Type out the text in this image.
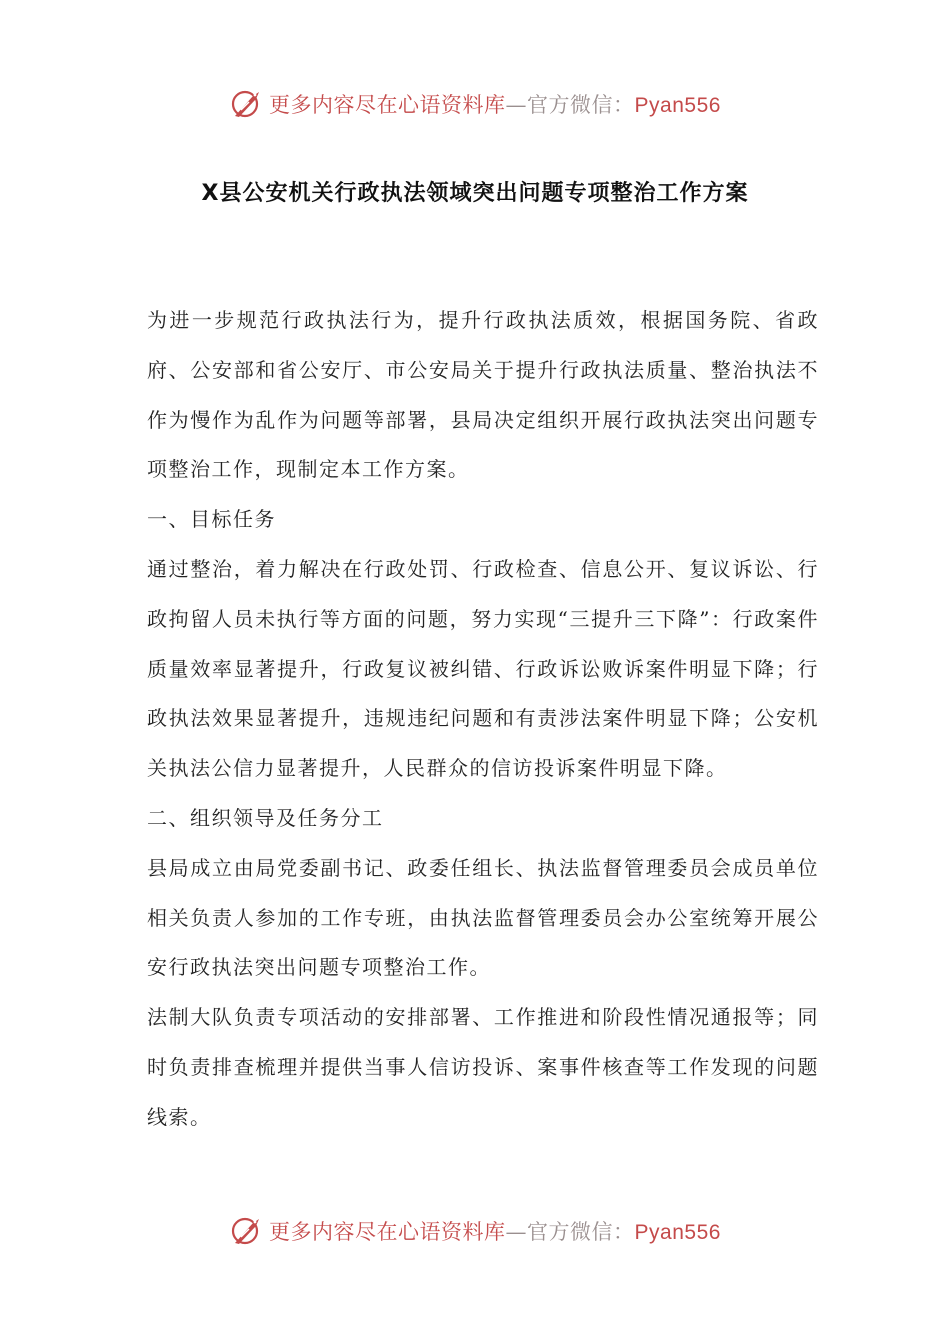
更多内容尽在心语资料库—官方微信：Pyan556
X县公安机关行政执法领域突出问题专项整治工作方案

为进一步规范行政执法行为，提升行政执法质效，根据国务院、省政府、公安部和省公安厅、市公安局关于提升行政执法质量、整治执法不作为慢作为乱作为问题等部署，县局决定组织开展行政执法突出问题专项整治工作，现制定本工作方案。

一、目标任务

通过整治，着力解决在行政处罚、行政检查、信息公开、复议诉讼、行政拘留人员未执行等方面的问题，努力实现“三提升三下降”：行政案件质量效率显著提升，行政复议被纠错、行政诉讼败诉案件明显下降；行政执法效果显著提升，违规违纪问题和有责涉法案件明显下降；公安机关执法公信力显著提升，人民群众的信访投诉案件明显下降。

二、组织领导及任务分工

县局成立由局党委副书记、政委任组长、执法监督管理委员会成员单位相关负责人参加的工作专班，由执法监督管理委员会办公室统筹开展公安行政执法突出问题专项整治工作。

法制大队负责专项活动的安排部署、工作推进和阶段性情况通报等；同时负责排查梳理并提供当事人信访投诉、案事件核查等工作发现的问题线索。

更多内容尽在心语资料库—官方微信：Pyan556
